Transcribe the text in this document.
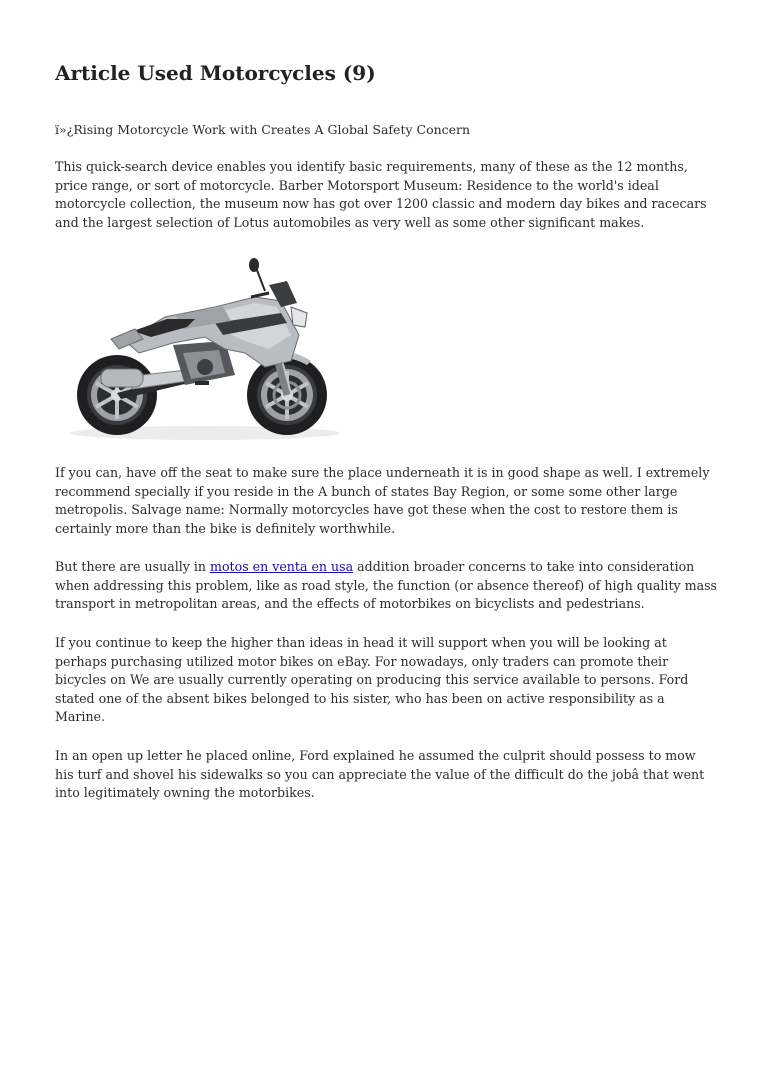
Article Used Motorcycles (9)

ï»¿Rising Motorcycle Work with Creates A Global Safety Concern

This quick-search device enables you identify basic requirements, many of these as the 12 months, price range, or sort of motorcycle. Barber Motorsport Museum: Residence to the world's ideal motorcycle collection, the museum now has got over 1200 classic and modern day bikes and racecars and the largest selection of Lotus automobiles as very well as some other significant makes.

If you can, have off the seat to make sure the place underneath it is in good shape as well. I extremely recommend specially if you reside in the A bunch of states Bay Region, or some some other large metropolis. Salvage name: Normally motorcycles have got these when the cost to restore them is certainly more than the bike is definitely worthwhile.

But there are usually in motos en venta en usa addition broader concerns to take into consideration when addressing this problem, like as road style, the function (or absence thereof) of high quality mass transport in metropolitan areas, and the effects of motorbikes on bicyclists and pedestrians.

If you continue to keep the higher than ideas in head it will support when you will be looking at perhaps purchasing utilized motor bikes on eBay. For nowadays, only traders can promote their bicycles on We are usually currently operating on producing this service available to persons. Ford stated one of the absent bikes belonged to his sister, who has been on active responsibility as a Marine.

In an open up letter he placed online, Ford explained he assumed the culprit should possess to mow his turf and shovel his sidewalks so you can appreciate the value of the difficult do the jobâ that went into legitimately owning the motorbikes.
